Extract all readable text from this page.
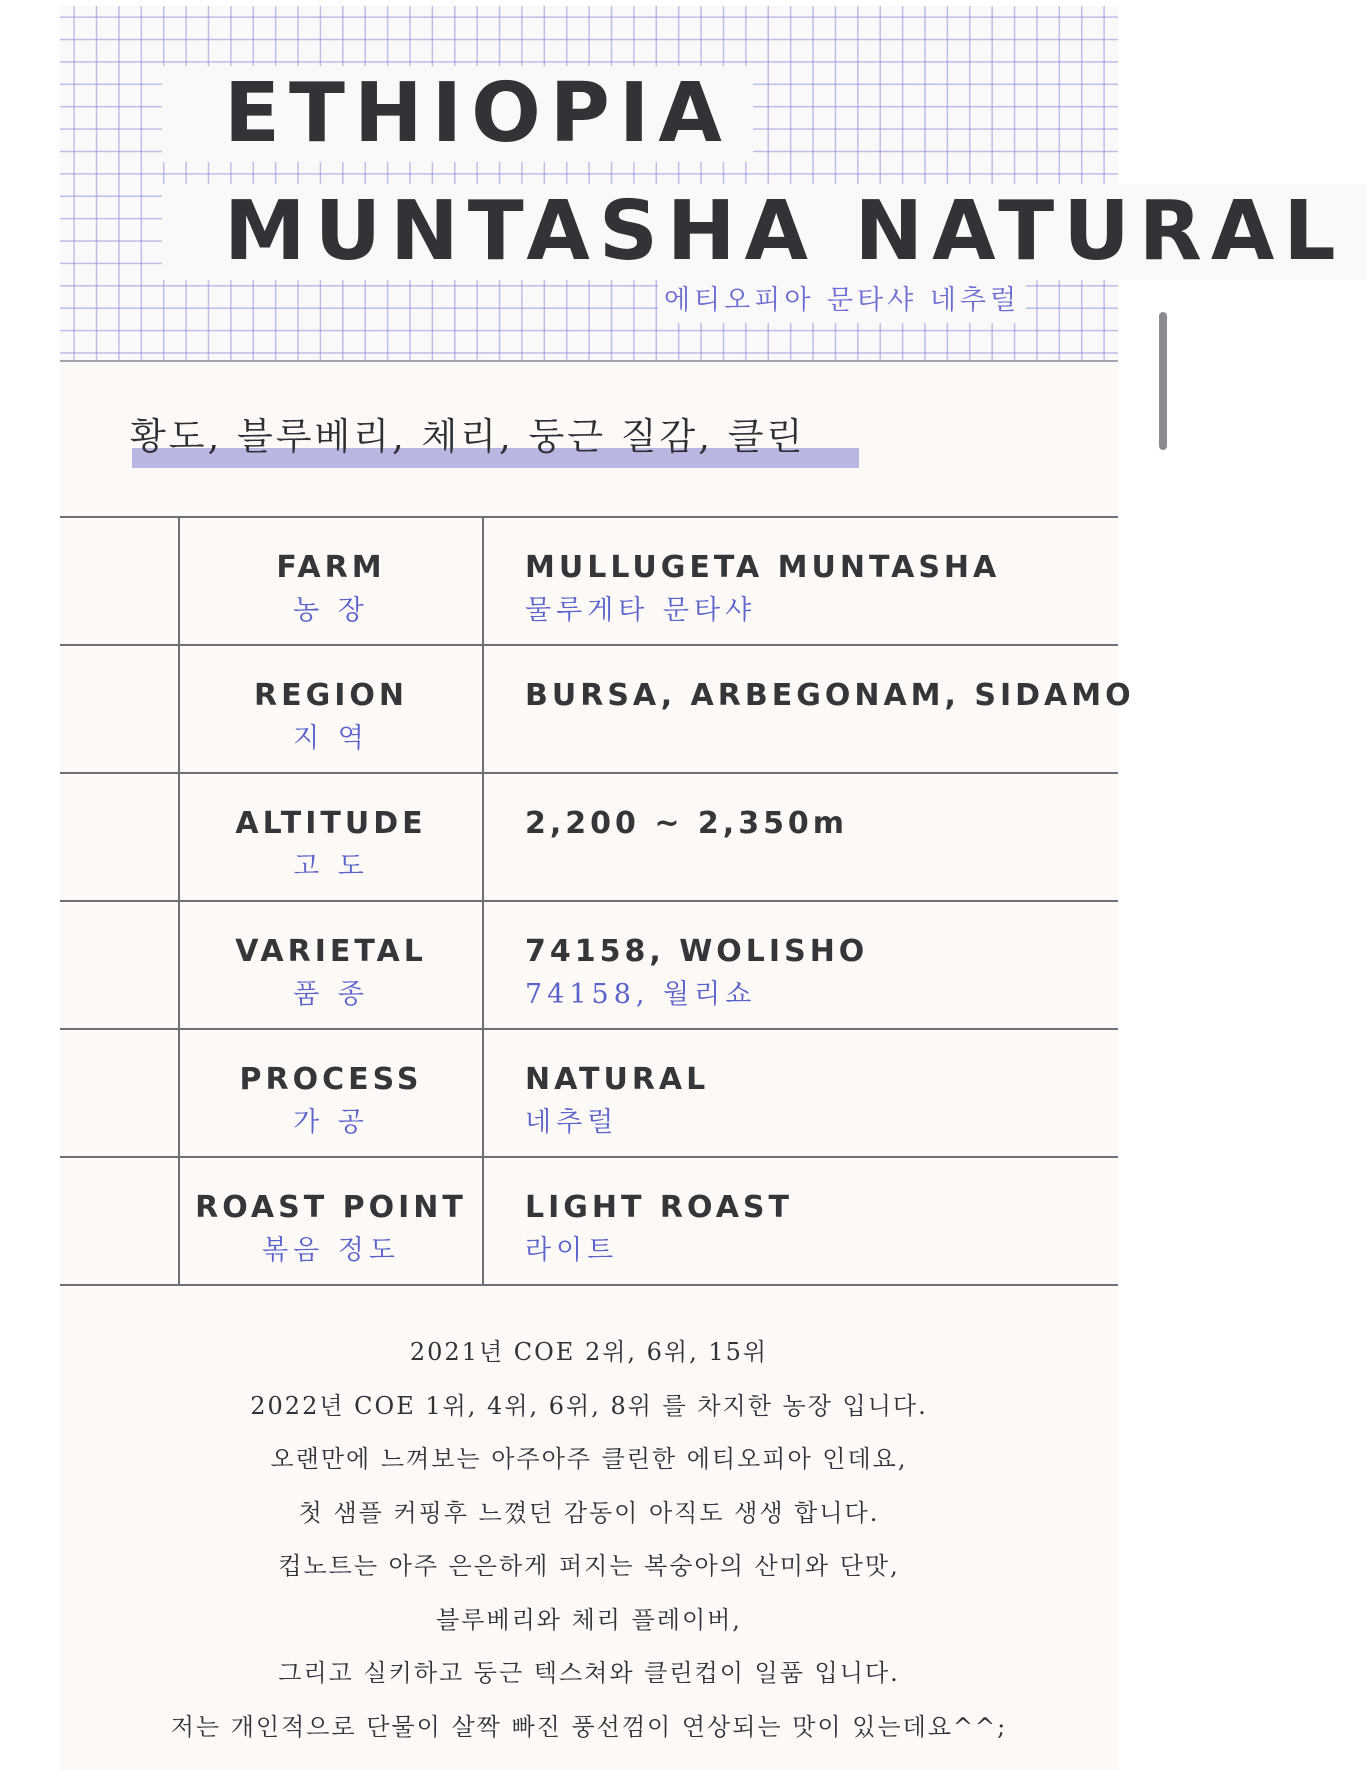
ETHIOPIA
MUNTASHA NATURAL
에티오피아 문타샤 네추럴

황도, 블루베리, 체리, 둥근 질감, 클린

FARM
농 장
MULLUGETA MUNTASHA
물루게타 문타샤
REGION
지 역
BURSA, ARBEGONAM, SIDAMO
ALTITUDE
고 도
2,200 ~ 2,350m
VARIETAL
품 종
74158, WOLISHO
74158, 월리쇼
PROCESS
가 공
NATURAL
네추럴
ROAST POINT
볶음 정도
LIGHT ROAST
라이트

2021년 COE 2위, 6위, 15위

2022년 COE 1위, 4위, 6위, 8위 를 차지한 농장 입니다.

오랜만에 느껴보는 아주아주 클린한 에티오피아 인데요,

첫 샘플 커핑후 느꼈던 감동이 아직도 생생 합니다.

컵노트는 아주 은은하게 퍼지는 복숭아의 산미와 단맛,

블루베리와 체리 플레이버,

그리고 실키하고 둥근 텍스쳐와 클린컵이 일품 입니다.

저는 개인적으로 단물이 살짝 빠진 풍선껌이 연상되는 맛이 있는데요^^;
